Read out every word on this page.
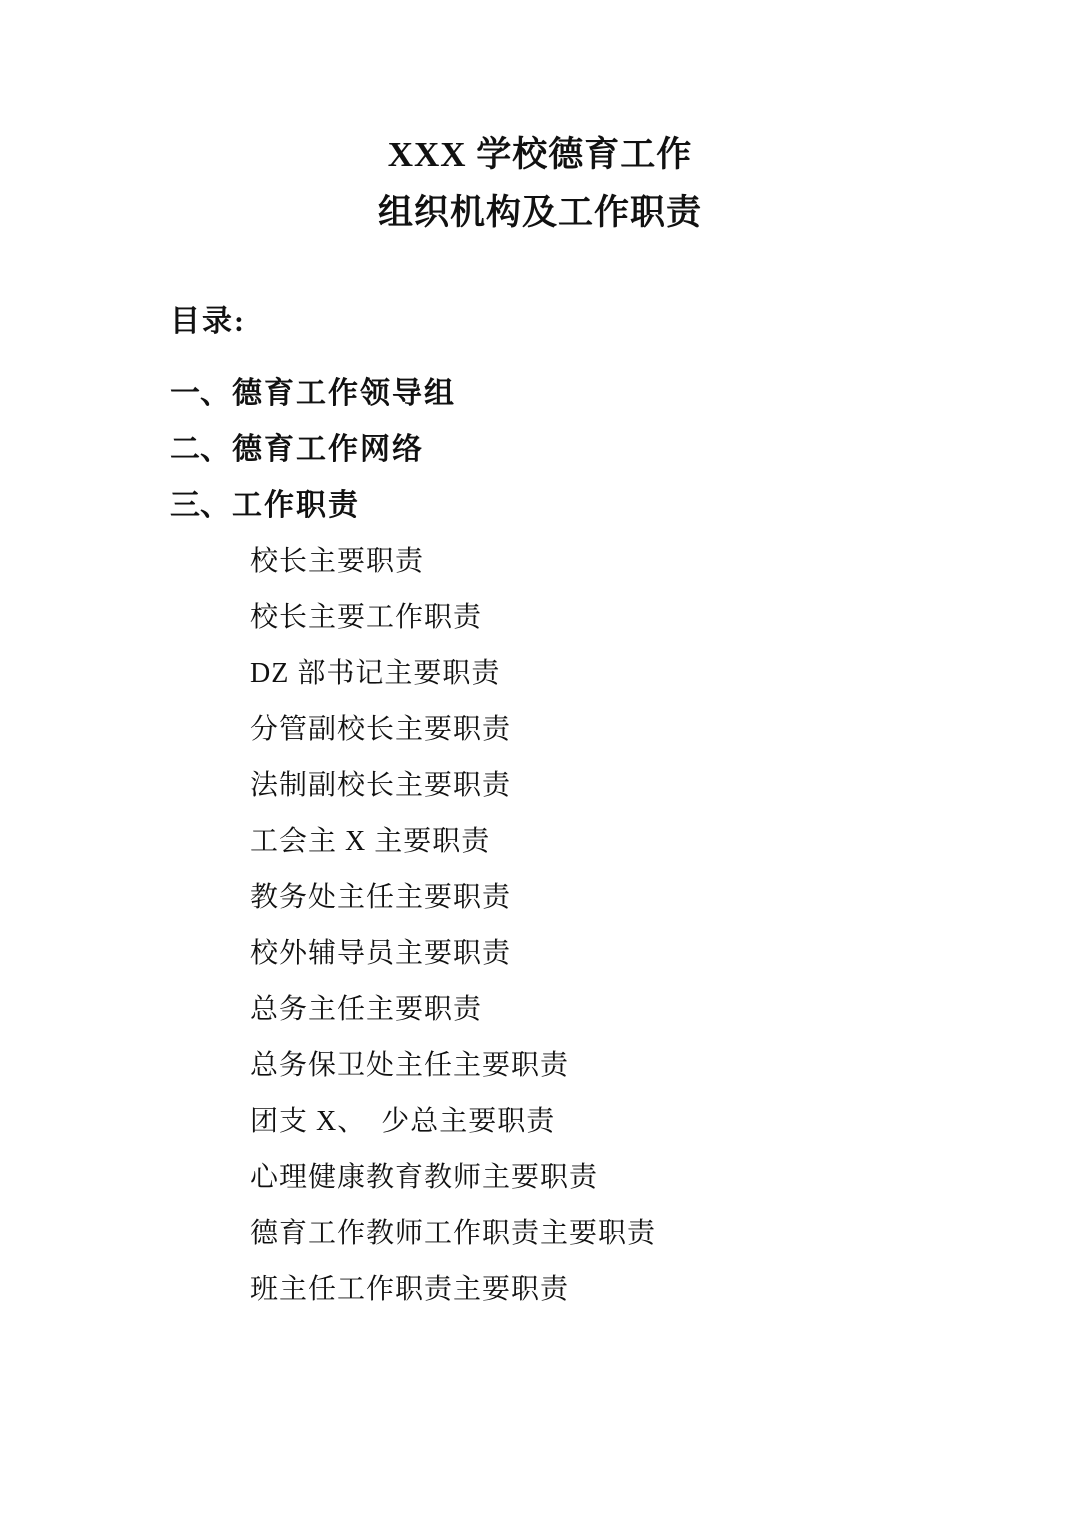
XXX 学校德育工作
组织机构及工作职责
目录:
一、 德育工作领导组
二、 德育工作网络
三、 工作职责
校长主要职责
校长主要工作职责
DZ 部书记主要职责
分管副校长主要职责
法制副校长主要职责
工会主 X 主要职责
教务处主任主要职责
校外辅导员主要职责
总务主任主要职责
总务保卫处主任主要职责
团支 X、　少总主要职责
心理健康教育教师主要职责
德育工作教师工作职责主要职责
班主任工作职责主要职责
